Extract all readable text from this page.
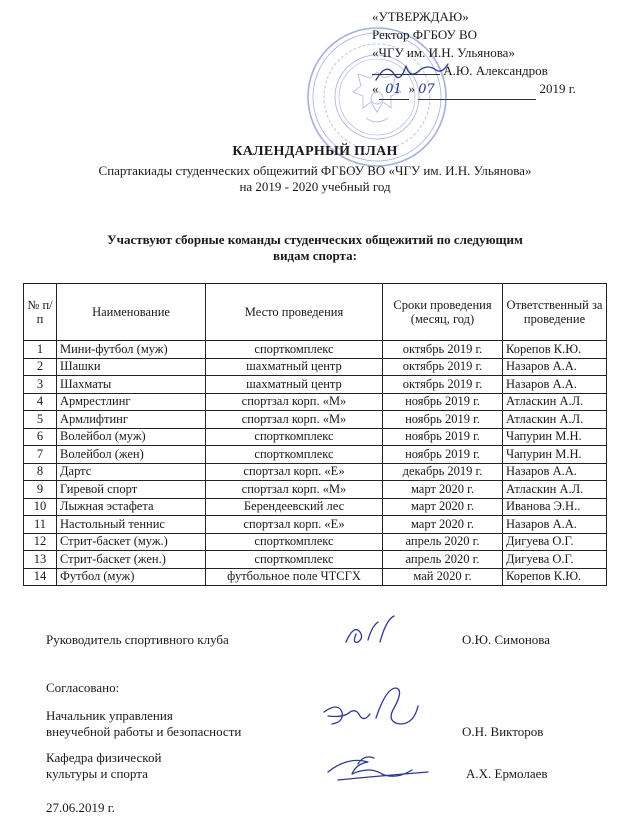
«УТВЕРЖДАЮ»
Ректор ФГБОУ ВО
«ЧГУ им. И.Н. Ульянова»
А.Ю. Александров
« 01 » 07	2019 г.
КАЛЕНДАРНЫЙ ПЛАН
Спартакиады студенческих общежитий ФГБОУ ВО «ЧГУ им. И.Н. Ульянова»
на 2019 - 2020 учебный год
Участвуют сборные команды студенческих общежитий по следующим
видам спорта:
№ п/п	Наименование	Место проведения	Сроки проведения (месяц, год)	Ответственный за проведение
1	Мини-футбол (муж)	спорткомплекс	октябрь 2019 г.	Корепов К.Ю.
2	Шашки	шахматный центр	октябрь 2019 г.	Назаров А.А.
3	Шахматы	шахматный центр	октябрь 2019 г.	Назаров А.А.
4	Армрестлинг	спортзал корп. «М»	ноябрь 2019 г.	Атласкин А.Л.
5	Армлифтинг	спортзал корп. «М»	ноябрь 2019 г.	Атласкин А.Л.
6	Волейбол (муж)	спорткомплекс	ноябрь 2019 г.	Чапурин М.Н.
7	Волейбол (жен)	спорткомплекс	ноябрь 2019 г.	Чапурин М.Н.
8	Дартс	спортзал корп. «Е»	декабрь 2019 г.	Назаров А.А.
9	Гиревой спорт	спортзал корп. «М»	март 2020 г.	Атласкин А.Л.
10	Лыжная эстафета	Берендеевский лес	март 2020 г.	Иванова Э.Н..
11	Настольный теннис	спортзал корп. «Е»	март 2020 г.	Назаров А.А.
12	Стрит-баскет (муж.)	спорткомплекс	апрель 2020 г.	Дигуева О.Г.
13	Стрит-баскет (жен.)	спорткомплекс	апрель 2020 г.	Дигуева О.Г.
14	Футбол (муж)	футбольное поле ЧТСГХ	май 2020 г.	Корепов К.Ю.
Руководитель спортивного клуба	О.Ю. Симонова
Согласовано:
Начальник управления
внеучебной работы и безопасности	О.Н. Викторов
Кафедра физической
культуры и спорта	А.Х. Ермолаев
27.06.2019 г.
